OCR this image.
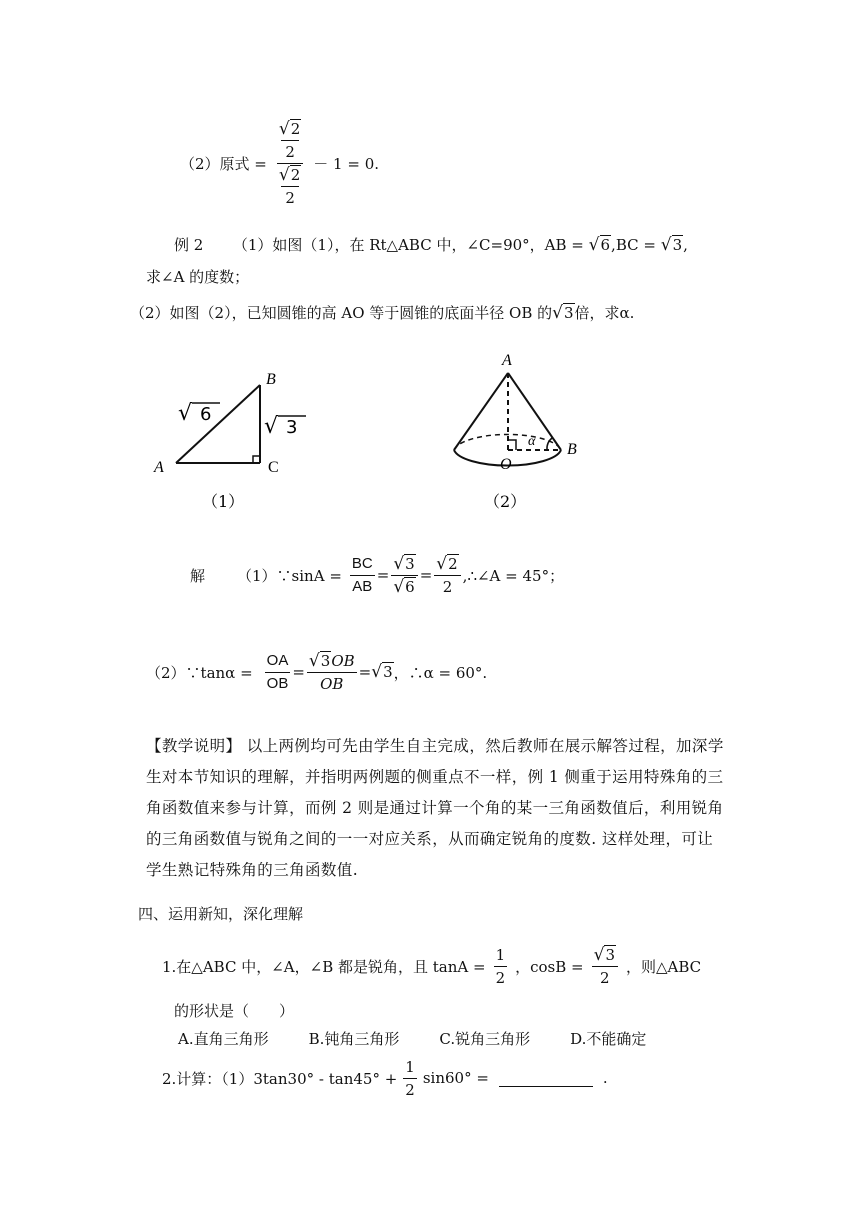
（2）原式 = √2
2
√2
2 － 1 = 0.
例 2 （1）如图（1），在 Rt△ABC 中，∠C=90°，AB = √6,BC = √3,
求∠A 的度数；
（2）如图（2），已知圆锥的高 AO 等于圆锥的底面半径 OB 的√3倍，求α.
A
B
C
√ 6 √ 3
（1）
A
α B
O
（2）
解 （1）∵sinA = $\frac{BC}{AB} = \frac{√3}{√6} = \frac{√2}{2}$ ,∴∠A = 45°；
（2）∵tanα = $\frac{OA}{OB} = \frac{√3OB}{OB} = √3$ ，∴α = 60°.
【教学说明】 以上两例均可先由学生自主完成，然后教师在展示解答过程，加深学生对本节知识的理解，并指明两例题的侧重点不一样，例 1 侧重于运用特殊角的三角函数值来参与计算，而例 2 则是通过计算一个角的某一三角函数值后，利用锐角的三角函数值与锐角之间的一一对应关系，从而确定锐角的度数. 这样处理，可让学生熟记特殊角的三角函数值.
四、运用新知，深化理解
1.在△ABC 中，∠A，∠B 都是锐角，且 $\tan A = \frac{1}{2}$ ，$\cos B = \frac{√3}{2}$ ，则△ABC
的形状是（　　）
A.直角三角形	B.钝角三角形	C.锐角三角形	D.不能确定
2.计算：$(1)3\tan 30^\circ - \tan 45^\circ + \frac{1}{2} \sin 60^\circ$ =	.
